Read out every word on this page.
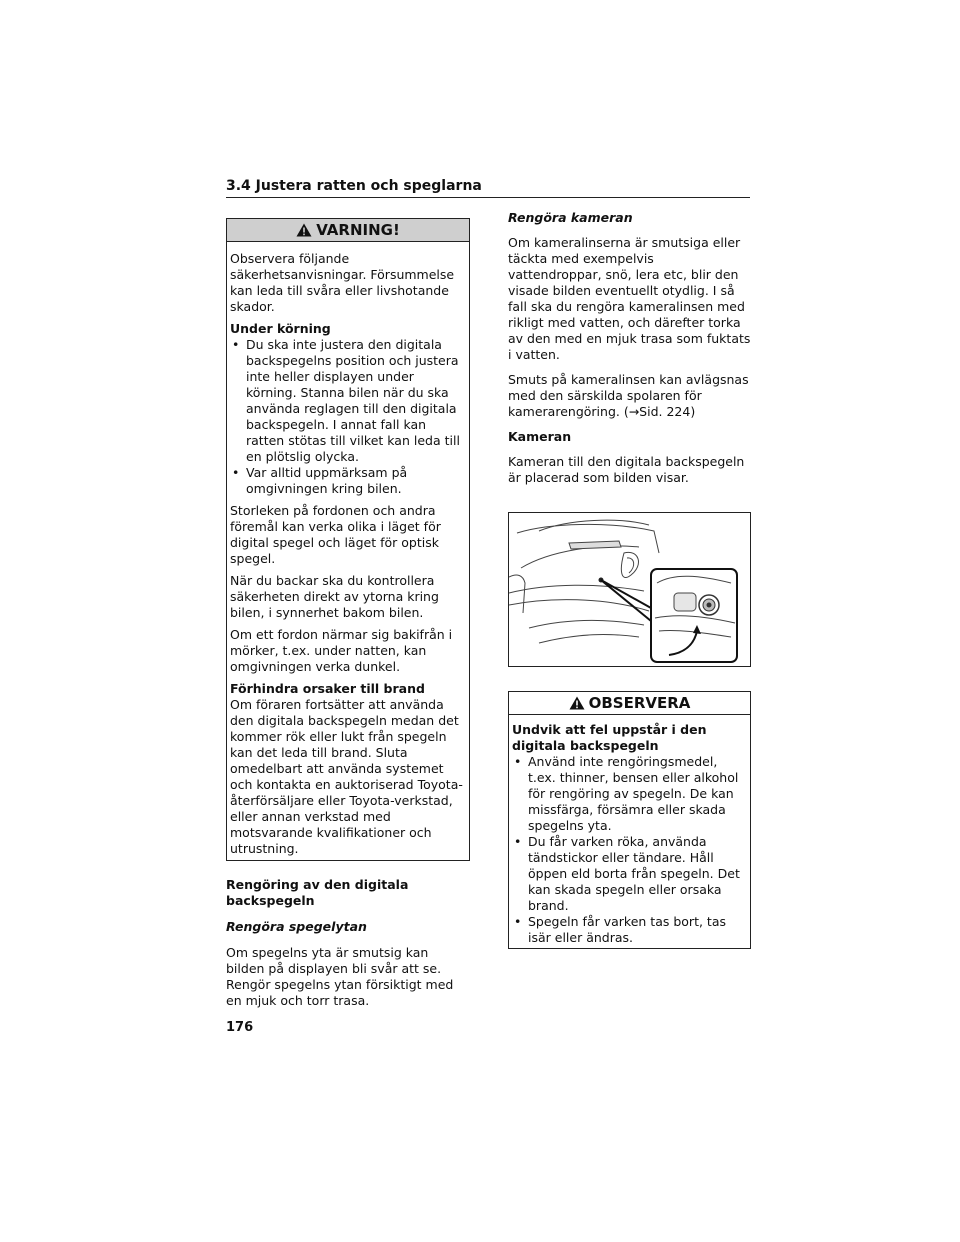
3.4 Justera ratten och speglarna
VARNING!

Observera följande säkerhetsanvisningar. Försummelse kan leda till svåra eller livshotande skador.

Under körning
• Du ska inte justera den digitala backspegelns position och justera inte heller displayen under körning. Stanna bilen när du ska använda reglagen till den digitala backspegeln. I annat fall kan ratten stötas till vilket kan leda till en plötslig olycka.
• Var alltid uppmärksam på omgivningen kring bilen.

Storleken på fordonen och andra föremål kan verka olika i läget för digital spegel och läget för optisk spegel.

När du backar ska du kontrollera säkerheten direkt av ytorna kring bilen, i synnerhet bakom bilen.

Om ett fordon närmar sig bakifrån i mörker, t.ex. under natten, kan omgivningen verka dunkel.

Förhindra orsaker till brand

Om föraren fortsätter att använda den digitala backspegeln medan det kommer rök eller lukt från spegeln kan det leda till brand. Sluta omedelbart att använda systemet och kontakta en auktoriserad Toyota-återförsäljare eller Toyota-verkstad, eller annan verkstad med motsvarande kvalifikationer och utrustning.

Rengöring av den digitala backspegeln

Rengöra spegelytan

Om spegelns yta är smutsig kan bilden på displayen bli svår att se. Rengör spegelns ytan försiktigt med en mjuk och torr trasa.

Rengöra kameran

Om kameralinserna är smutsiga eller täckta med exempelvis vattendroppar, snö, lera etc, blir den visade bilden eventuellt otydlig. I så fall ska du rengöra kameralinsen med rikligt med vatten, och därefter torka av den med en mjuk trasa som fuktats i vatten.

Smuts på kameralinsen kan avlägsnas med den särskilda spolaren för kamerarengöring. (→Sid. 224)

Kameran

Kameran till den digitala backspegeln är placerad som bilden visar.

OBSERVERA
Undvik att fel uppstår i den digitala backspegeln
• Använd inte rengöringsmedel, t.ex. thinner, bensen eller alkohol för rengöring av spegeln. De kan missfärga, försämra eller skada spegelns yta.
• Du får varken röka, använda tändstickor eller tändare. Håll öppen eld borta från spegeln. Det kan skada spegeln eller orsaka brand.
• Spegeln får varken tas bort, tas isär eller ändras.
176
